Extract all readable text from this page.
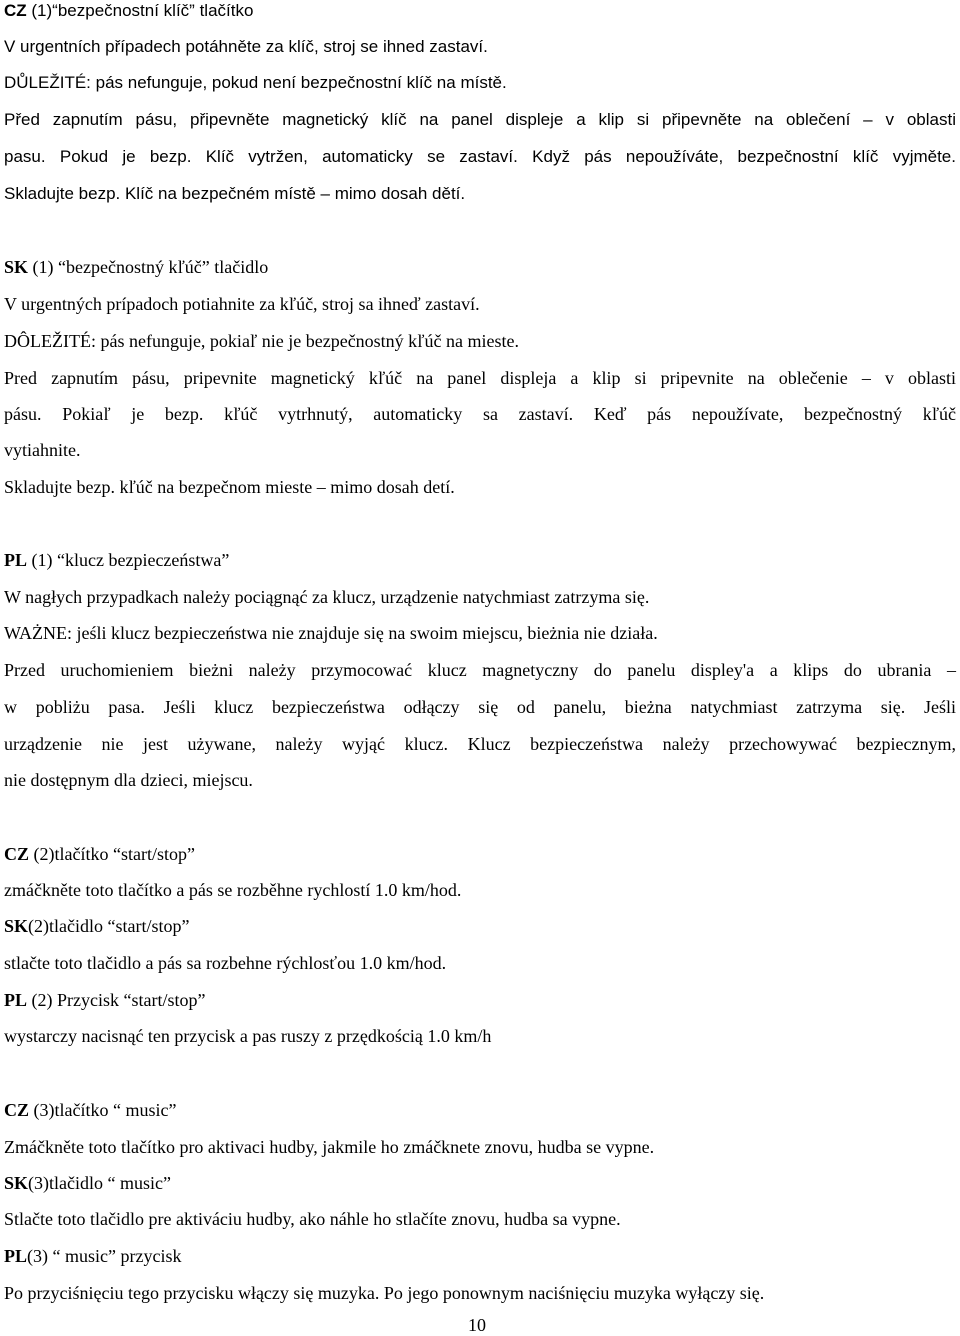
CZ (1)“bezpečnostní klíč” tlačítko
V urgentních případech potáhněte za klíč, stroj se ihned zastaví.
DŮLEŽITÉ: pás nefunguje, pokud není bezpečnostní klíč na místě.
Před zapnutím pásu, připevněte magnetický klíč na panel displeje a klip si připevněte na oblečení – v oblasti
pasu. Pokud je bezp. Klíč vytržen, automaticky se zastaví. Když pás nepoužíváte, bezpečnostní klíč vyjměte.
Skladujte bezp. Klíč na bezpečném místě – mimo dosah dětí.
SK (1) “bezpečnostný kľúč” tlačidlo
V urgentných prípadoch potiahnite za kľúč, stroj sa ihneď zastaví.
DÔLEŽITÉ: pás nefunguje, pokiaľ nie je bezpečnostný kľúč na mieste.
Pred zapnutím pásu, pripevnite magnetický kľúč na panel displeja a klip si pripevnite na oblečenie – v oblasti
pásu. Pokiaľ je bezp. kľúč vytrhnutý, automaticky sa zastaví. Keď pás nepoužívate, bezpečnostný kľúč
vytiahnite.
Skladujte bezp. kľúč na bezpečnom mieste – mimo dosah detí.
PL (1) “klucz bezpieczeństwa”
W nagłych przypadkach należy pociągnąć za klucz, urządzenie natychmiast zatrzyma się.
WAŻNE: jeśli klucz bezpieczeństwa nie znajduje się na swoim miejscu, bieżnia nie działa.
Przed uruchomieniem bieżni należy przymocować klucz magnetyczny do panelu displey'a a klips do ubrania –
w pobliżu pasa. Jeśli klucz bezpieczeństwa odłączy się od panelu, bieżna natychmiast zatrzyma się. Jeśli
urządzenie nie jest używane, należy wyjąć klucz. Klucz bezpieczeństwa należy przechowywać bezpiecznym,
nie dostępnym dla dzieci, miejscu.
CZ (2)tlačítko “start/stop”
zmáčkněte toto tlačítko a pás se rozběhne rychlostí 1.0 km/hod.
SK(2)tlačidlo “start/stop”
stlačte toto tlačidlo a pás sa rozbehne rýchlosťou 1.0 km/hod.
PL (2) Przycisk “start/stop”
wystarczy nacisnąć ten przycisk a pas ruszy z przędkością 1.0 km/h
CZ (3)tlačítko “ music”
Zmáčkněte toto tlačítko pro aktivaci hudby, jakmile ho zmáčknete znovu, hudba se vypne.
SK(3)tlačidlo “ music”
Stlačte toto tlačidlo pre aktiváciu hudby, ako náhle ho stlačíte znovu, hudba sa vypne.
PL(3) “ music” przycisk
Po przyciśnięciu tego przycisku włączy się muzyka. Po jego ponownym naciśnięciu muzyka wyłączy się.
10
